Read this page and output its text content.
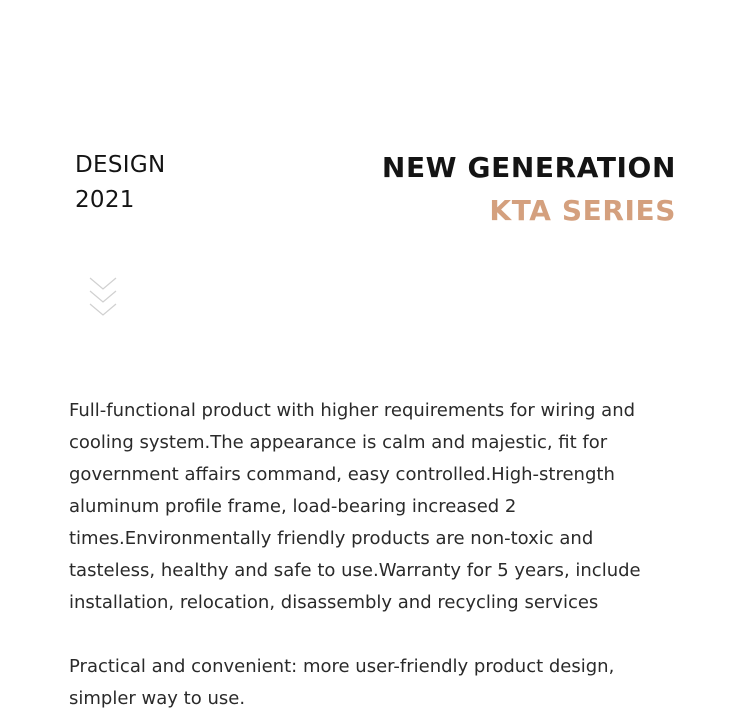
DESIGN
2021
NEW GENERATION
KTA SERIES

Full-functional product with higher requirements for wiring and cooling system.The appearance is calm and majestic, fit for government affairs command, easy controlled.High-strength aluminum profile frame, load-bearing increased 2 times.Environmentally friendly products are non-toxic and tasteless, healthy and safe to use.Warranty for 5 years, include installation, relocation, disassembly and recycling services

Practical and convenient: more user-friendly product design, simpler way to use.
